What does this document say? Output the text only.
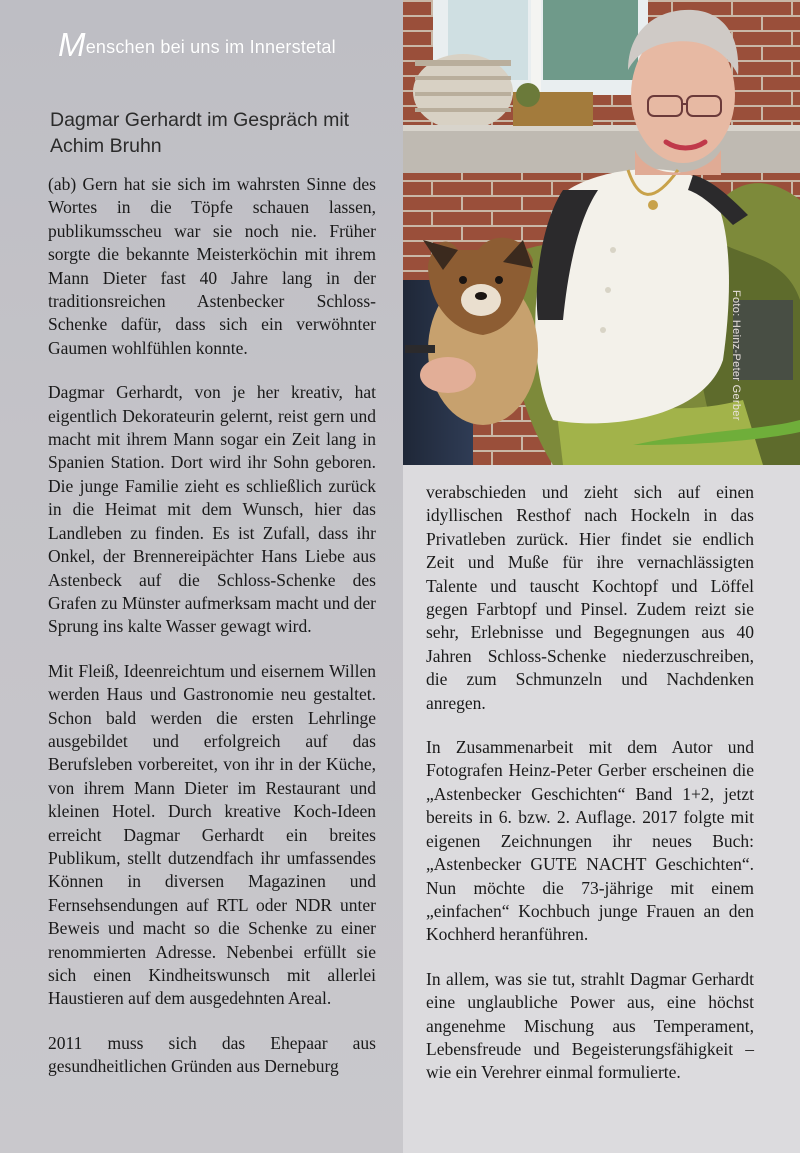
Menschen bei uns im Innerstetal
Dagmar Gerhardt im Gespräch mit Achim Bruhn

(ab) Gern hat sie sich im wahrsten Sinne des Wortes in die Töpfe schauen lassen, publikumsscheu war sie noch nie. Früher sorgte die bekannte Meisterköchin mit ihrem Mann Dieter fast 40 Jahre lang in der traditionsreichen Astenbecker Schloss-Schenke dafür, dass sich ein verwöhnter Gaumen wohlfühlen konnte.

Dagmar Gerhardt, von je her kreativ, hat eigentlich Dekorateurin gelernt, reist gern und macht mit ihrem Mann sogar ein Zeit lang in Spanien Station. Dort wird ihr Sohn geboren. Die junge Familie zieht es schließlich zurück in die Heimat mit dem Wunsch, hier das Landleben zu finden. Es ist Zufall, dass ihr Onkel, der Brennereipächter Hans Liebe aus Astenbeck auf die Schloss-Schenke des Grafen zu Münster aufmerksam macht und der Sprung ins kalte Wasser gewagt wird.

Mit Fleiß, Ideenreichtum und eisernem Willen werden Haus und Gastronomie neu gestaltet. Schon bald werden die ersten Lehrlinge ausgebildet und erfolgreich auf das Berufsleben vorbereitet, von ihr in der Küche, von ihrem Mann Dieter im Restaurant und kleinen Hotel. Durch kreative Koch-Ideen erreicht Dagmar Gerhardt ein breites Publikum, stellt dutzendfach ihr umfassendes Können in diversen Magazinen und Fernsehsendungen auf RTL oder NDR unter Beweis und macht so die Schenke zu einer renommierten Adresse. Nebenbei erfüllt sie sich einen Kindheitswunsch mit allerlei Haustieren auf dem ausgedehnten Areal.

2011 muss sich das Ehepaar aus gesundheitlichen Gründen aus Derneburg

verabschieden und zieht sich auf einen idyllischen Resthof nach Hockeln in das Privatleben zurück. Hier findet sie endlich Zeit und Muße für ihre vernachlässigten Talente und tauscht Kochtopf und Löffel gegen Farbtopf und Pinsel. Zudem reizt sie sehr, Erlebnisse und Begegnungen aus 40 Jahren Schloss-Schenke niederzuschreiben, die zum Schmunzeln und Nachdenken anregen.

In Zusammenarbeit mit dem Autor und Fotografen Heinz-Peter Gerber erscheinen die „Astenbecker Geschichten“ Band 1+2, jetzt bereits in 6. bzw. 2. Auflage. 2017 folgte mit eigenen Zeichnungen ihr neues Buch: „Astenbecker GUTE NACHT Geschichten“. Nun möchte die 73-jährige mit einem „einfachen“ Kochbuch junge Frauen an den Kochherd heranführen.

In allem, was sie tut, strahlt Dagmar Gerhardt eine unglaubliche Power aus, eine höchst angenehme Mischung aus Temperament, Lebensfreude und Begeisterungsfähigkeit – wie ein Verehrer einmal formulierte.

Foto: Heinz-Peter Gerber
